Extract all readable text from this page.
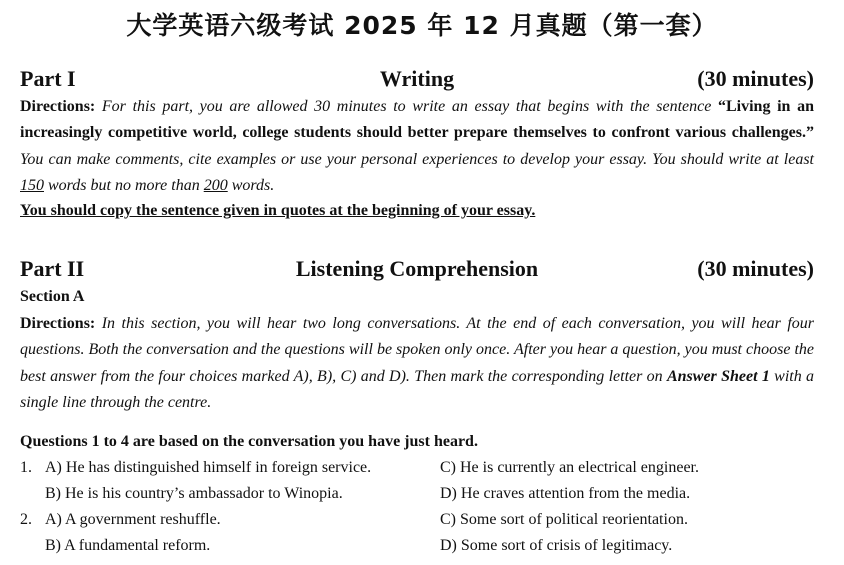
大学英语六级考试 2025 年 12 月真题（第一套）
Writing
Part I	(30 minutes)
Directions: For this part, you are allowed 30 minutes to write an essay that begins with the sentence “Living in an increasingly competitive world, college students should better prepare themselves to confront various challenges.” You can make comments, cite examples or use your personal experiences to develop your essay. You should write at least 150 words but no more than 200 words.
You should copy the sentence given in quotes at the beginning of your essay.
Listening Comprehension
Part II	(30 minutes)
Section A
Directions: In this section, you will hear two long conversations. At the end of each conversation, you will hear four questions. Both the conversation and the questions will be spoken only once. After you hear a question, you must choose the best answer from the four choices marked A), B), C) and D). Then mark the corresponding letter on Answer Sheet 1 with a single line through the centre.
Questions 1 to 4 are based on the conversation you have just heard.
1. A) He has distinguished himself in foreign service.	C) He is currently an electrical engineer.
B) He is his country’s ambassador to Winopia.	D) He craves attention from the media.
2. A) A government reshuffle.	C) Some sort of political reorientation.
B) A fundamental reform.	D) Some sort of crisis of legitimacy.
